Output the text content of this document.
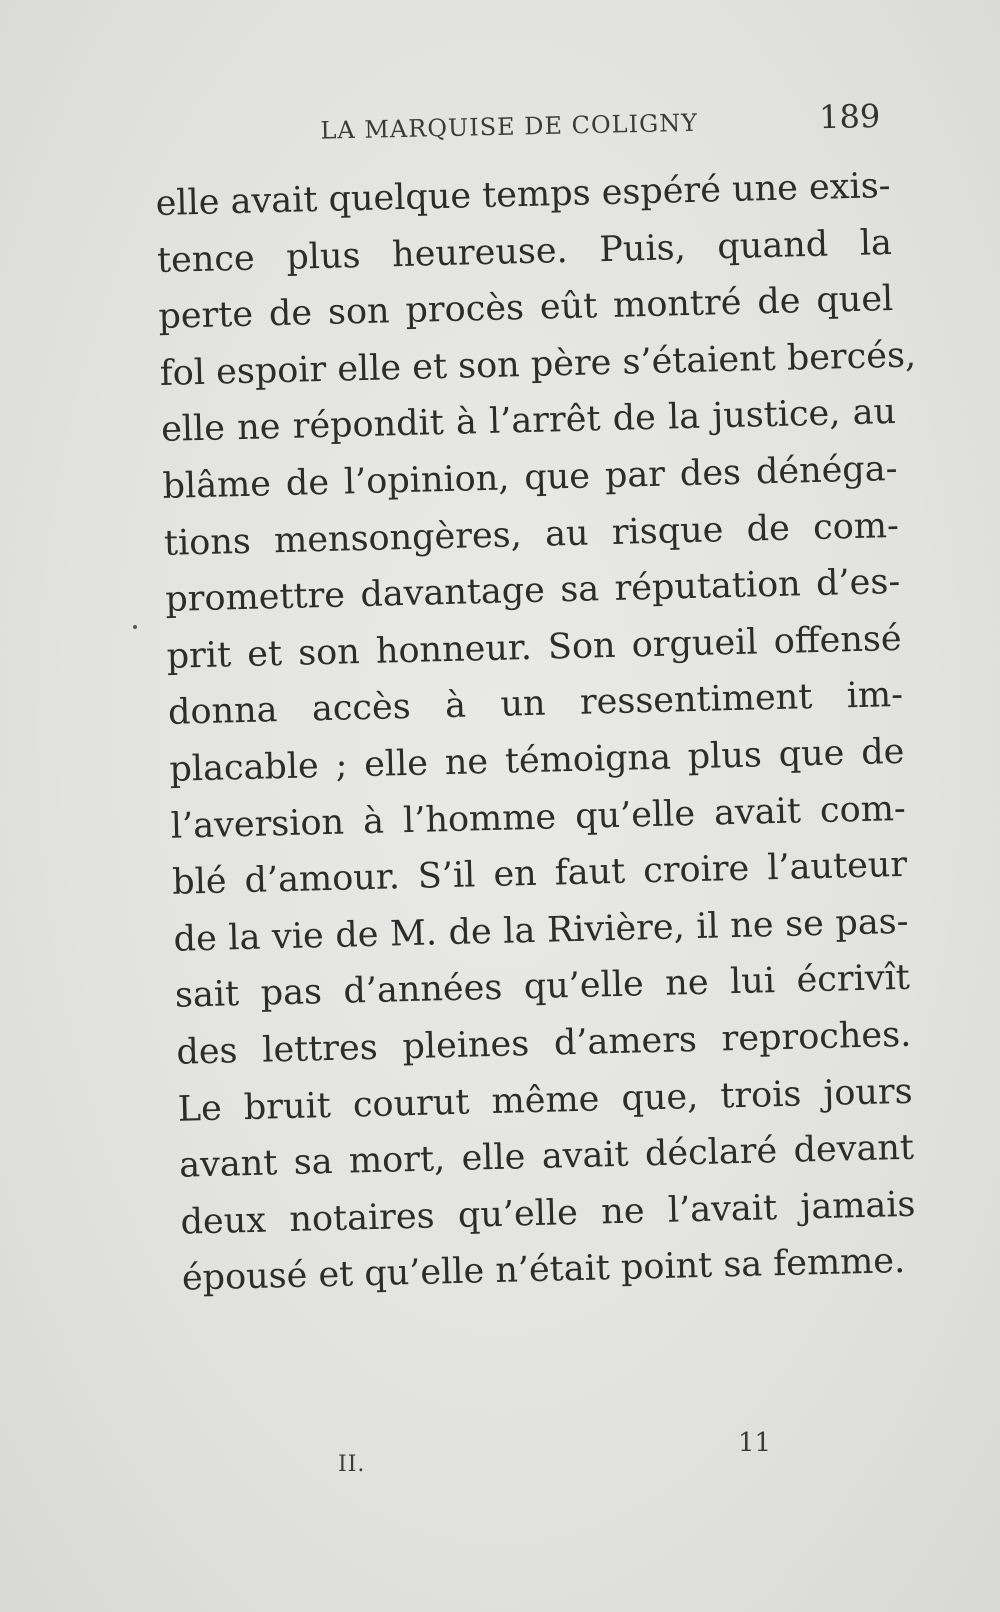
LA MARQUISE DE COLIGNY	189
elle avait quelque temps espéré une exis-
tence plus heureuse. Puis, quand la
perte de son procès eût montré de quel
fol espoir elle et son père s’étaient bercés,
elle ne répondit à l’arrêt de la justice, au
blâme de l’opinion, que par des dénéga-
tions mensongères, au risque de com-
promettre davantage sa réputation d’es-
prit et son honneur. Son orgueil offensé
donna accès à un ressentiment im-
placable ; elle ne témoigna plus que de
l’aversion à l’homme qu’elle avait com-
blé d’amour. S’il en faut croire l’auteur
de la vie de M. de la Rivière, il ne se pas-
sait pas d’années qu’elle ne lui écrivît
des lettres pleines d’amers reproches.
Le bruit courut même que, trois jours
avant sa mort, elle avait déclaré devant
deux notaires qu’elle ne l’avait jamais
épousé et qu’elle n’était point sa femme.
II.
11
